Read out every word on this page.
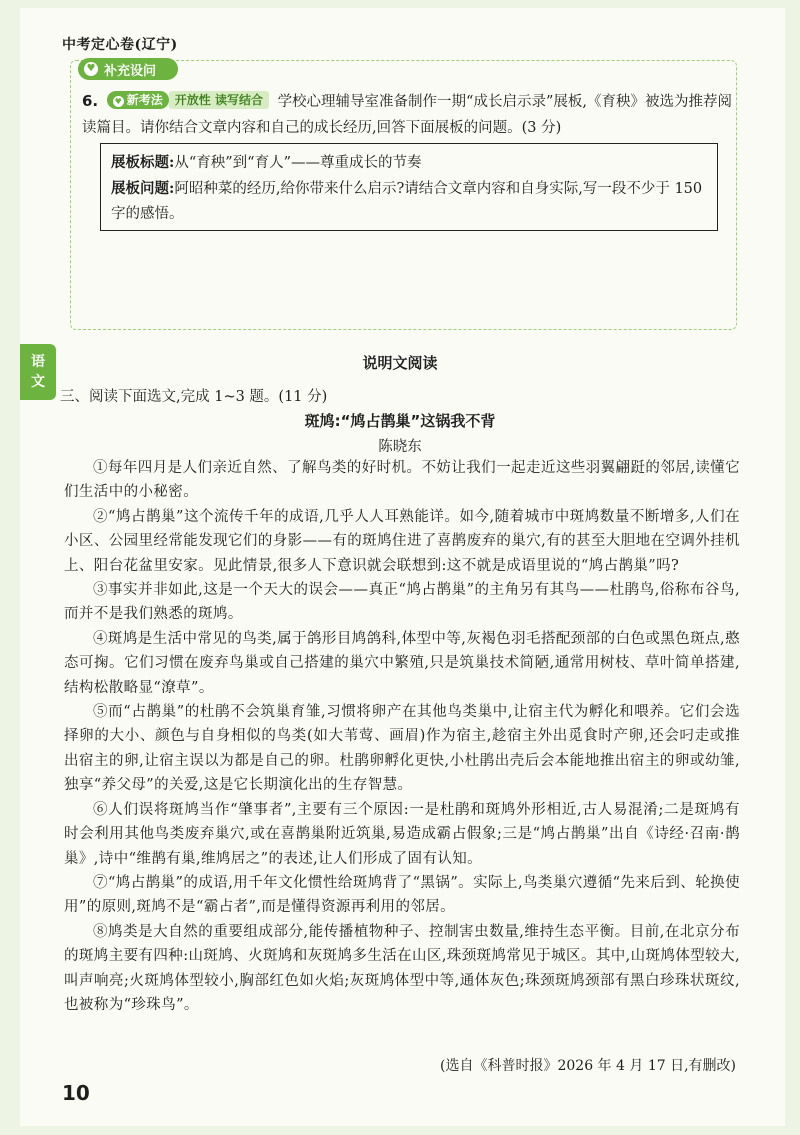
中考定心卷(辽宁)
♥ 补充设问
6. ♥ 新考法 开放性 读写结合 学校心理辅导室准备制作一期“成长启示录”展板,《育秧》被选为推荐阅读篇目。请你结合文章内容和自己的成长经历,回答下面展板的问题。(3 分)
展板标题:从“育秧”到“育人”——尊重成长的节奏
展板问题:阿昭种菜的经历,给你带来什么启示?请结合文章内容和自身实际,写一段不少于 150 字的感悟。
语
文
说明文阅读
三、阅读下面选文,完成 1~3 题。(11 分)
斑鸠:“鸠占鹊巢”这锅我不背
陈晓东

①每年四月是人们亲近自然、了解鸟类的好时机。不妨让我们一起走近这些羽翼翩跹的邻居,读懂它们生活中的小秘密。

②“鸠占鹊巢”这个流传千年的成语,几乎人人耳熟能详。如今,随着城市中斑鸠数量不断增多,人们在小区、公园里经常能发现它们的身影——有的斑鸠住进了喜鹊废弃的巢穴,有的甚至大胆地在空调外挂机上、阳台花盆里安家。见此情景,很多人下意识就会联想到:这不就是成语里说的“鸠占鹊巢”吗?

③事实并非如此,这是一个天大的误会——真正“鸠占鹊巢”的主角另有其鸟——杜鹃鸟,俗称布谷鸟,而并不是我们熟悉的斑鸠。

④斑鸠是生活中常见的鸟类,属于鸽形目鸠鸽科,体型中等,灰褐色羽毛搭配颈部的白色或黑色斑点,憨态可掬。它们习惯在废弃鸟巢或自己搭建的巢穴中繁殖,只是筑巢技术简陋,通常用树枝、草叶简单搭建,结构松散略显“潦草”。

⑤而“占鹊巢”的杜鹃不会筑巢育雏,习惯将卵产在其他鸟类巢中,让宿主代为孵化和喂养。它们会选择卵的大小、颜色与自身相似的鸟类(如大苇莺、画眉)作为宿主,趁宿主外出觅食时产卵,还会叼走或推出宿主的卵,让宿主误以为都是自己的卵。杜鹃卵孵化更快,小杜鹃出壳后会本能地推出宿主的卵或幼雏,独享“养父母”的关爱,这是它长期演化出的生存智慧。

⑥人们误将斑鸠当作“肇事者”,主要有三个原因:一是杜鹃和斑鸠外形相近,古人易混淆;二是斑鸠有时会利用其他鸟类废弃巢穴,或在喜鹊巢附近筑巢,易造成霸占假象;三是“鸠占鹊巢”出自《诗经·召南·鹊巢》,诗中“维鹊有巢,维鸠居之”的表述,让人们形成了固有认知。

⑦“鸠占鹊巢”的成语,用千年文化惯性给斑鸠背了“黑锅”。实际上,鸟类巢穴遵循“先来后到、轮换使用”的原则,斑鸠不是“霸占者”,而是懂得资源再利用的邻居。

⑧鸠类是大自然的重要组成部分,能传播植物种子、控制害虫数量,维持生态平衡。目前,在北京分布的斑鸠主要有四种:山斑鸠、火斑鸠和灰斑鸠多生活在山区,珠颈斑鸠常见于城区。其中,山斑鸠体型较大,叫声响亮;火斑鸠体型较小,胸部红色如火焰;灰斑鸠体型中等,通体灰色;珠颈斑鸠颈部有黑白珍珠状斑纹,也被称为“珍珠鸟”。

(选自《科普时报》2026 年 4 月 17 日,有删改)
10
